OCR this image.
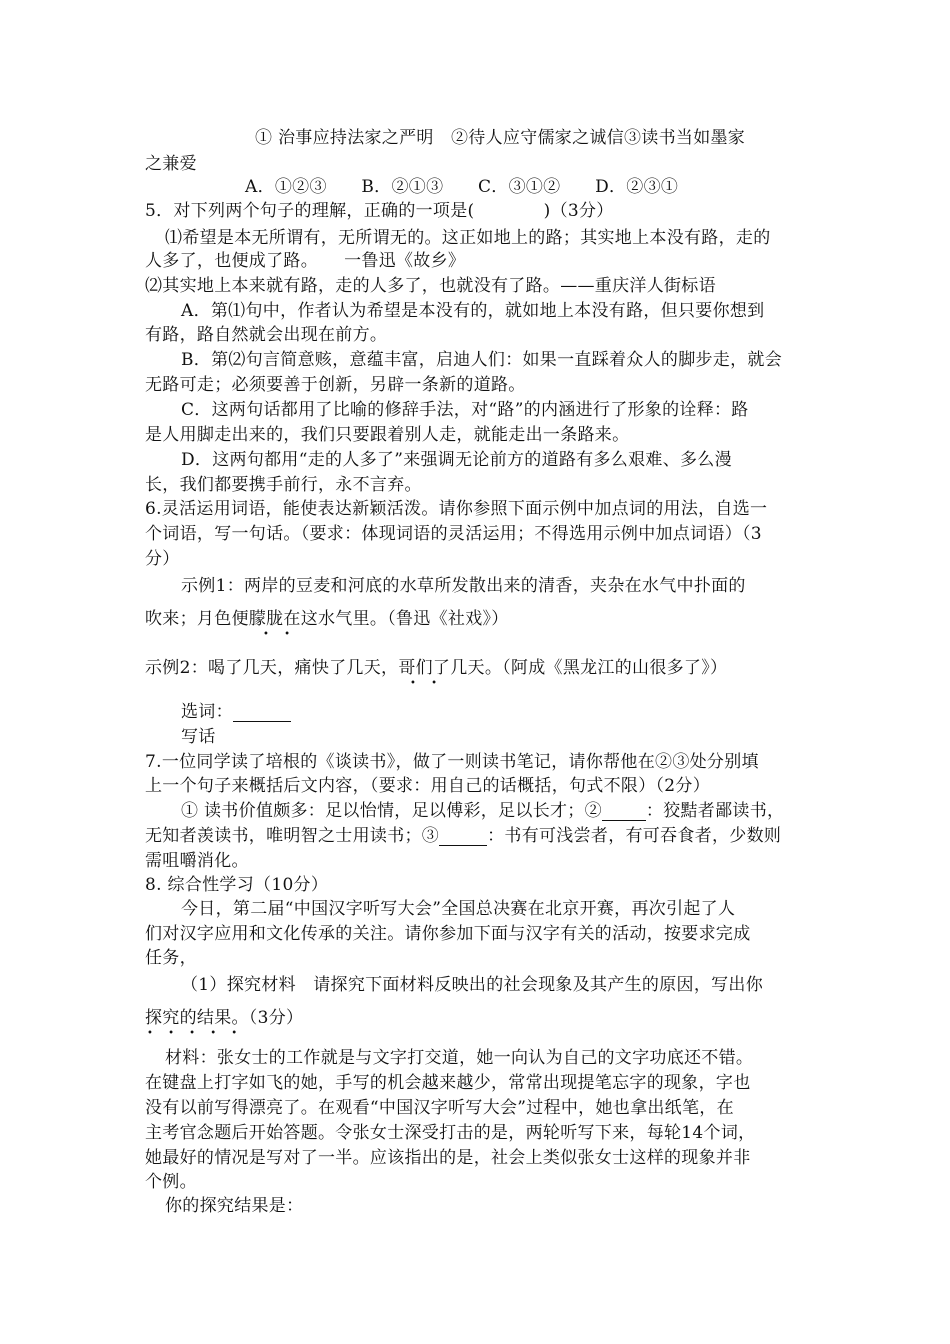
① 治事应持法家之严明　②待人应守儒家之诚信③读书当如墨家
之兼爱
A．①②③　　B．②①③　　C．③①②　　D．②③①
5．对下列两个句子的理解，正确的一项是(　　　　)（3分）
⑴希望是本无所谓有，无所谓无的。这正如地上的路；其实地上本没有路，走的
人多了，也便成了路。　　一鲁迅《故乡》
⑵其实地上本来就有路，走的人多了，也就没有了路。——重庆洋人街标语
A．第⑴句中，作者认为希望是本没有的，就如地上本没有路，但只要你想到
有路，路自然就会出现在前方。
B．第⑵句言简意赅，意蕴丰富，启迪人们：如果一直踩着众人的脚步走，就会
无路可走；必须要善于创新，另辟一条新的道路。
C．这两句话都用了比喻的修辞手法，对“路”的内涵进行了形象的诠释：路
是人用脚走出来的，我们只要跟着别人走，就能走出一条路来。
D．这两句都用“走的人多了”来强调无论前方的道路有多么艰难、多么漫
长，我们都要携手前行，永不言弃。
6.灵活运用词语，能使表达新颖活泼。请你参照下面示例中加点词的用法，自选一
个词语，写一句话。（要求：体现词语的灵活运用；不得选用示例中加点词语）（3
分）
示例1：两岸的豆麦和河底的水草所发散出来的清香，夹杂在水气中扑面的
吹来；月色便朦胧在这水气里。（鲁迅《社戏》）
• •
示例2：喝了几天，痛快了几天，哥们了几天。（阿成《黑龙江的山很多了》）
• •
选词：
写话
7.一位同学读了培根的《谈读书》，做了一则读书笔记，请你帮他在②③处分别填
上一个句子来概括后文内容，（要求：用自己的话概括，句式不限）（2分）
① 读书价值颇多：足以怡情，足以傅彩，足以长才；②	：狡黠者鄙读书，
无知者羡读书，唯明智之士用读书；③	：书有可浅尝者，有可吞食者，少数则
需咀嚼消化。
8. 综合性学习（10分）
今日，第二届“中国汉字听写大会”全国总决赛在北京开赛，再次引起了人
们对汉字应用和文化传承的关注。请你参加下面与汉字有关的活动，按要求完成
任务，
（1）探究材料　请探究下面材料反映出的社会现象及其产生的原因，写出你
探究的结果。（3分）
• • • • •
材料：张女士的工作就是与文字打交道，她一向认为自己的文字功底还不错。
在键盘上打字如飞的她，手写的机会越来越少，常常出现提笔忘字的现象，字也
没有以前写得漂亮了。在观看“中国汉字听写大会”过程中，她也拿出纸笔，在
主考官念题后开始答题。令张女士深受打击的是，两轮听写下来，每轮14个词，
她最好的情况是写对了一半。应该指出的是，社会上类似张女士这样的现象并非
个例。
你的探究结果是：
